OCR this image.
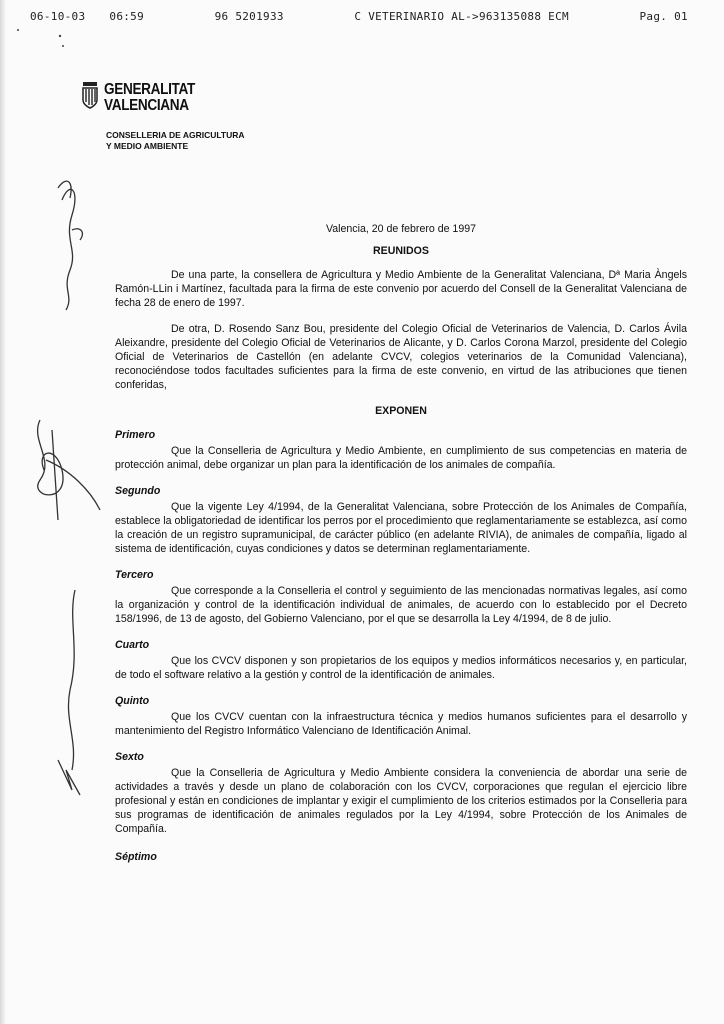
06-10-03 06:59	96 5201933	C VETERINARIO AL->963135088 ECM	Pag. 01
GENERALITAT
VALENCIANA
CONSELLERIA DE AGRICULTURA
Y MEDIO AMBIENTE
Valencia, 20 de febrero de 1997
REUNIDOS

De una parte, la consellera de Agricultura y Medio Ambiente de la Generalitat Valenciana, Dª Maria Àngels Ramón-LLin i Martínez, facultada para la firma de este convenio por acuerdo del Consell de la Generalitat Valenciana de fecha 28 de enero de 1997.

De otra, D. Rosendo Sanz Bou, presidente del Colegio Oficial de Veterinarios de Valencia, D. Carlos Ávila Aleixandre, presidente del Colegio Oficial de Veterinarios de Alicante, y D. Carlos Corona Marzol, presidente del Colegio Oficial de Veterinarios de Castellón (en adelante CVCV, colegios veterinarios de la Comunidad Valenciana), reconociéndose todos facultades suficientes para la firma de este convenio, en virtud de las atribuciones que tienen conferidas,

EXPONEN
Primero

Que la Conselleria de Agricultura y Medio Ambiente, en cumplimiento de sus competencias en materia de protección animal, debe organizar un plan para la identificación de los animales de compañía.

Segundo

Que la vigente Ley 4/1994, de la Generalitat Valenciana, sobre Protección de los Animales de Compañía, establece la obligatoriedad de identificar los perros por el procedimiento que reglamentariamente se establezca, así como la creación de un registro supramunicipal, de carácter público (en adelante RIVIA), de animales de compañía, ligado al sistema de identificación, cuyas condiciones y datos se determinan reglamentariamente.

Tercero

Que corresponde a la Conselleria el control y seguimiento de las mencionadas normativas legales, así como la organización y control de la identificación individual de animales, de acuerdo con lo establecido por el Decreto 158/1996, de 13 de agosto, del Gobierno Valenciano, por el que se desarrolla la Ley 4/1994, de 8 de julio.

Cuarto

Que los CVCV disponen y son propietarios de los equipos y medios informáticos necesarios y, en particular, de todo el software relativo a la gestión y control de la identificación de animales.

Quinto

Que los CVCV cuentan con la infraestructura técnica y medios humanos suficientes para el desarrollo y mantenimiento del Registro Informático Valenciano de Identificación Animal.

Sexto

Que la Conselleria de Agricultura y Medio Ambiente considera la conveniencia de abordar una serie de actividades a través y desde un plano de colaboración con los CVCV, corporaciones que regulan el ejercicio libre profesional y están en condiciones de implantar y exigir el cumplimiento de los criterios estimados por la Conselleria para sus programas de identificación de animales regulados por la Ley 4/1994, sobre Protección de los Animales de Compañía.

Séptimo
